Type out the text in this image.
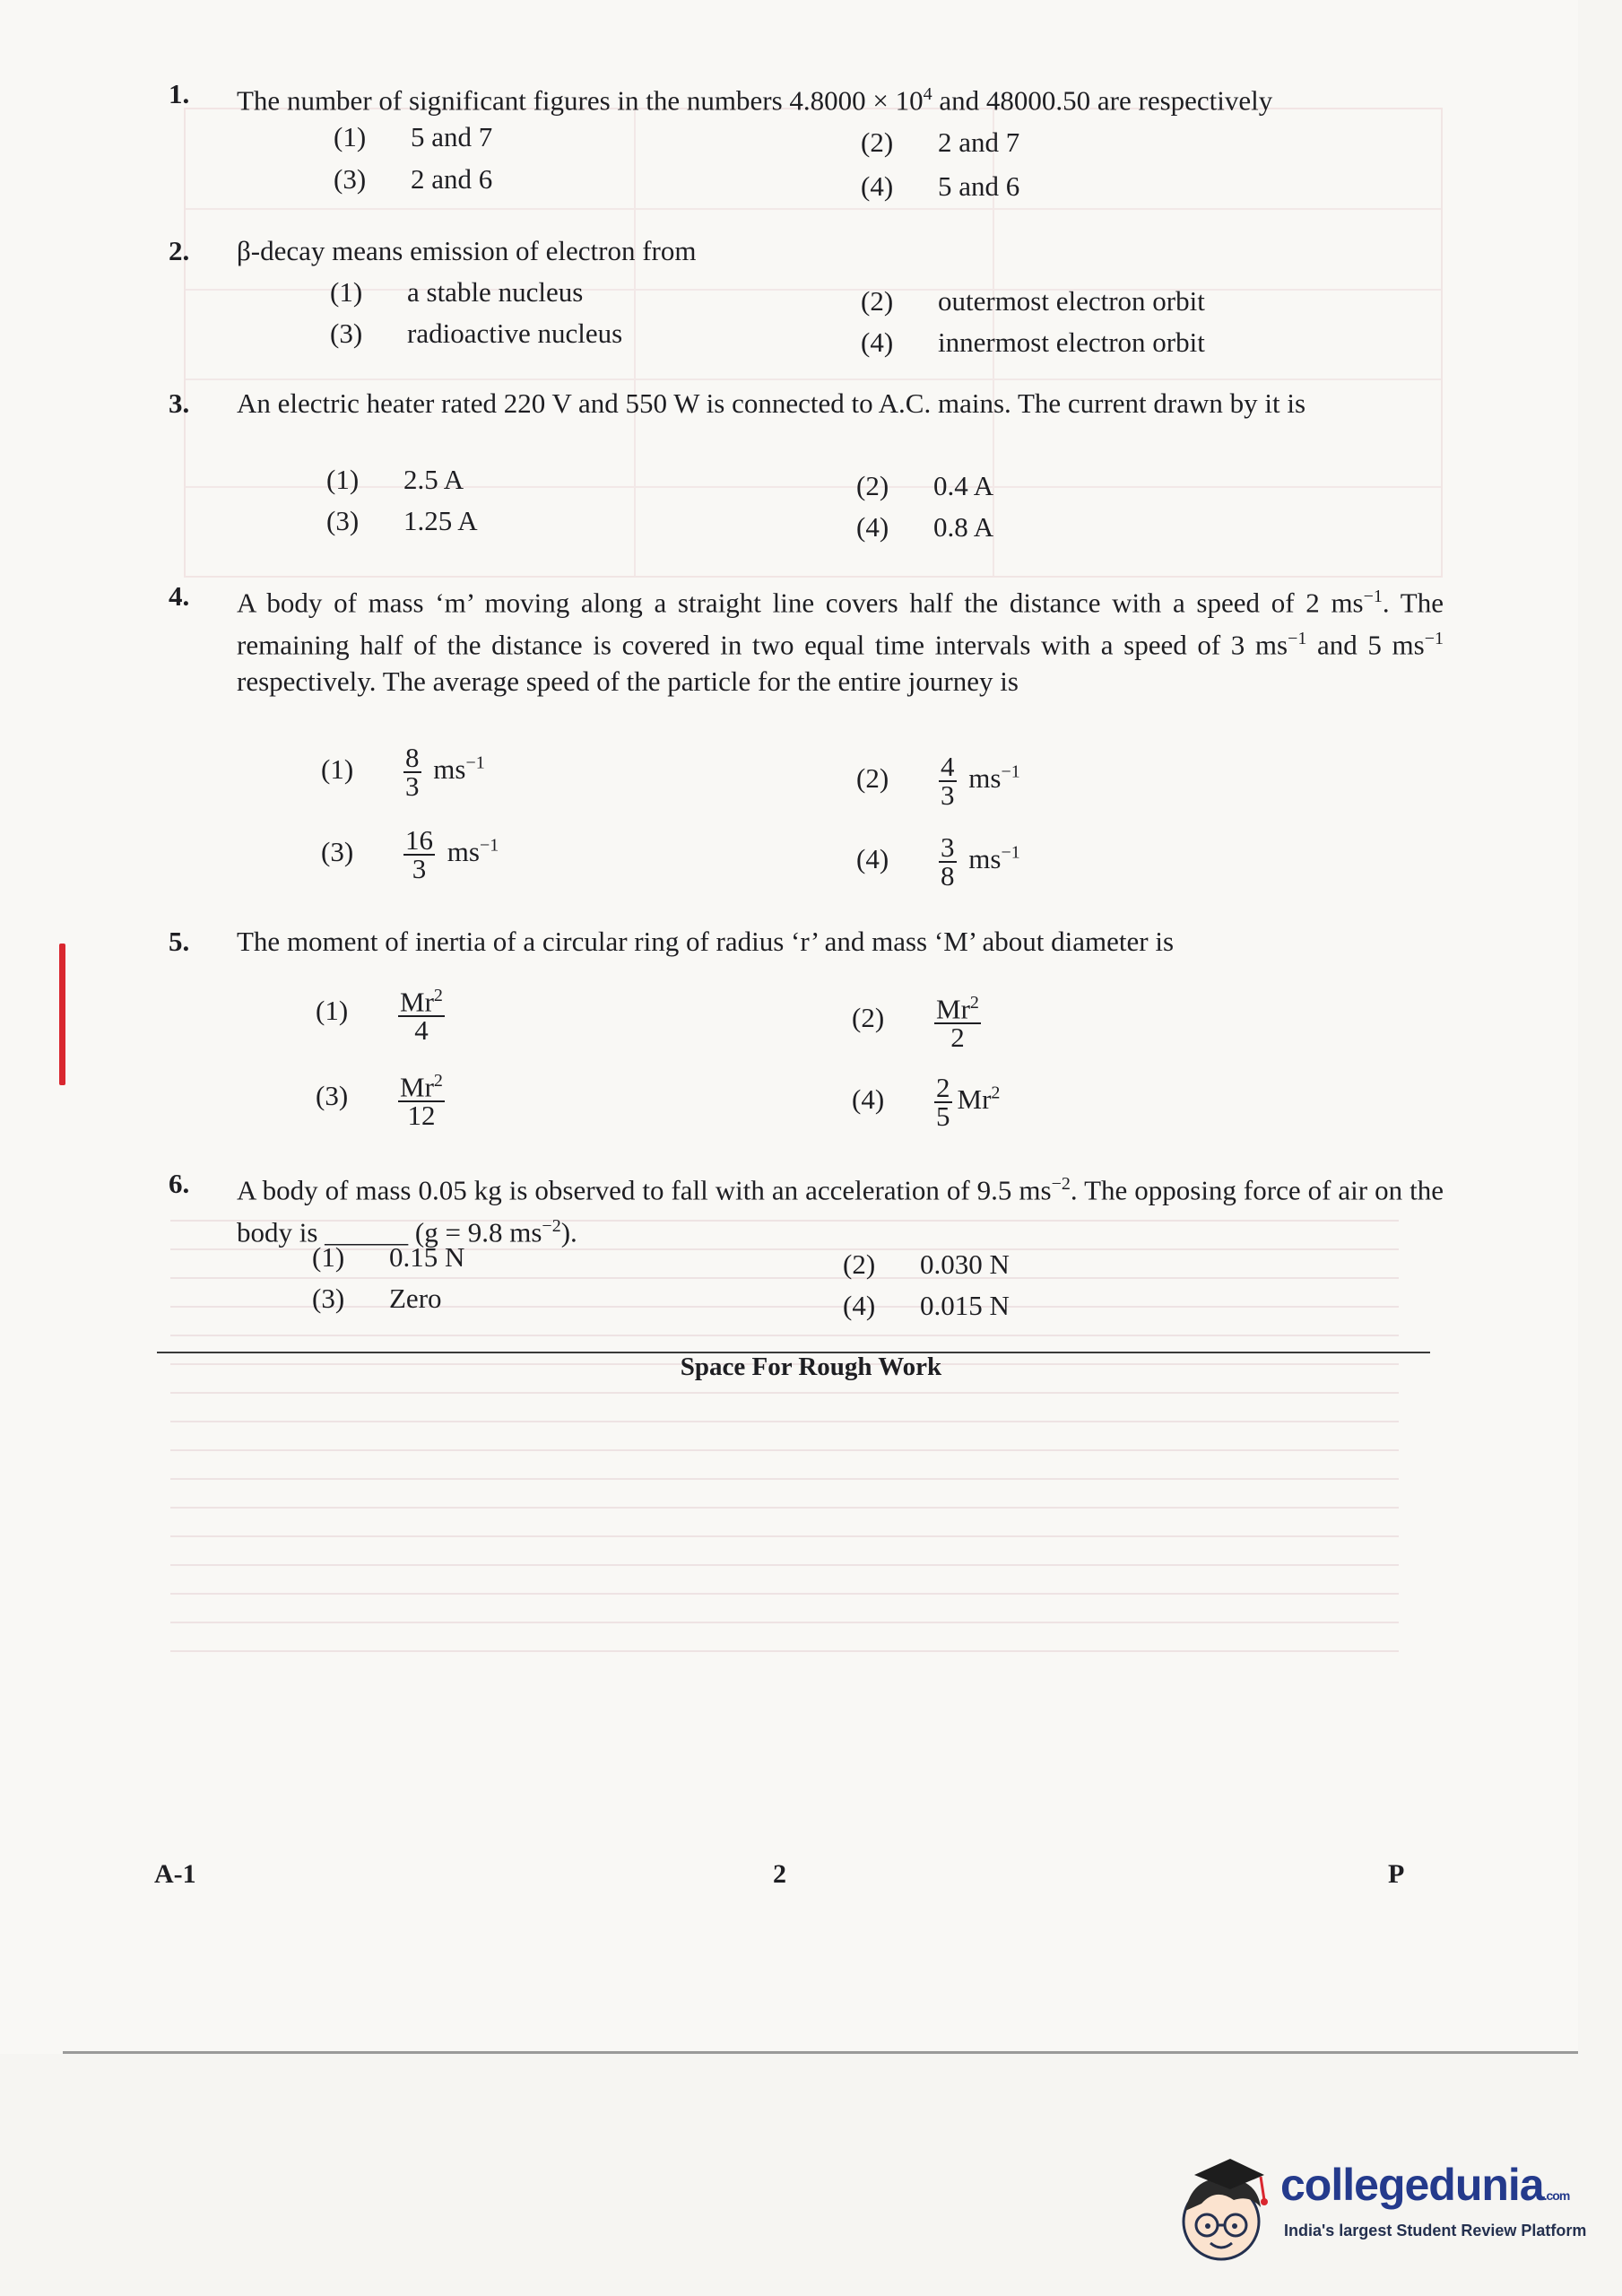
1. The number of significant figures in the numbers $4.8000 \times 10^4$ and 48000.50 are respectively
(1) 5 and 7	(2) 2 and 7
(3) 2 and 6	(4) 5 and 6
2. β-decay means emission of electron from
(1) a stable nucleus	(2) outermost electron orbit
(3) radioactive nucleus	(4) innermost electron orbit
3. An electric heater rated 220 V and 550 W is connected to A.C. mains. The current drawn by it is
(1) 2.5 A	(2) 0.4 A
(3) 1.25 A	(4) 0.8 A
4. A body of mass ‘m’ moving along a straight line covers half the distance with a speed of 2 $ms^{-1}$. The remaining half of the distance is covered in two equal time intervals with a speed of 3 $ms^{-1}$ and 5 $ms^{-1}$ respectively. The average speed of the particle for the entire journey is
$(1) \frac{8}{3} ms^{-1}$	$(2) \frac{4}{3} ms^{-1}$
$(3) \frac{16}{3} ms^{-1}$	$(4) \frac{3}{8} ms^{-1}$
5. The moment of inertia of a circular ring of radius ‘r’ and mass ‘M’ about diameter is
$(1) \frac{Mr^2}{4}$	$(2) \frac{Mr^2}{2}$
$(3) \frac{Mr^2}{12}$	$(4) \frac{2}{5} Mr^2$
6. A body of mass 0.05 kg is observed to fall with an acceleration of 9.5 $ms^{-2}$. The opposing force of air on the body is ______ (g = 9.8 $ms^{-2}$).
(1) 0.15 N	(2) 0.030 N
(3) Zero	(4) 0.015 N
Space For Rough Work
A-1	2	P
collegedunia.com
India's largest Student Review Platform
